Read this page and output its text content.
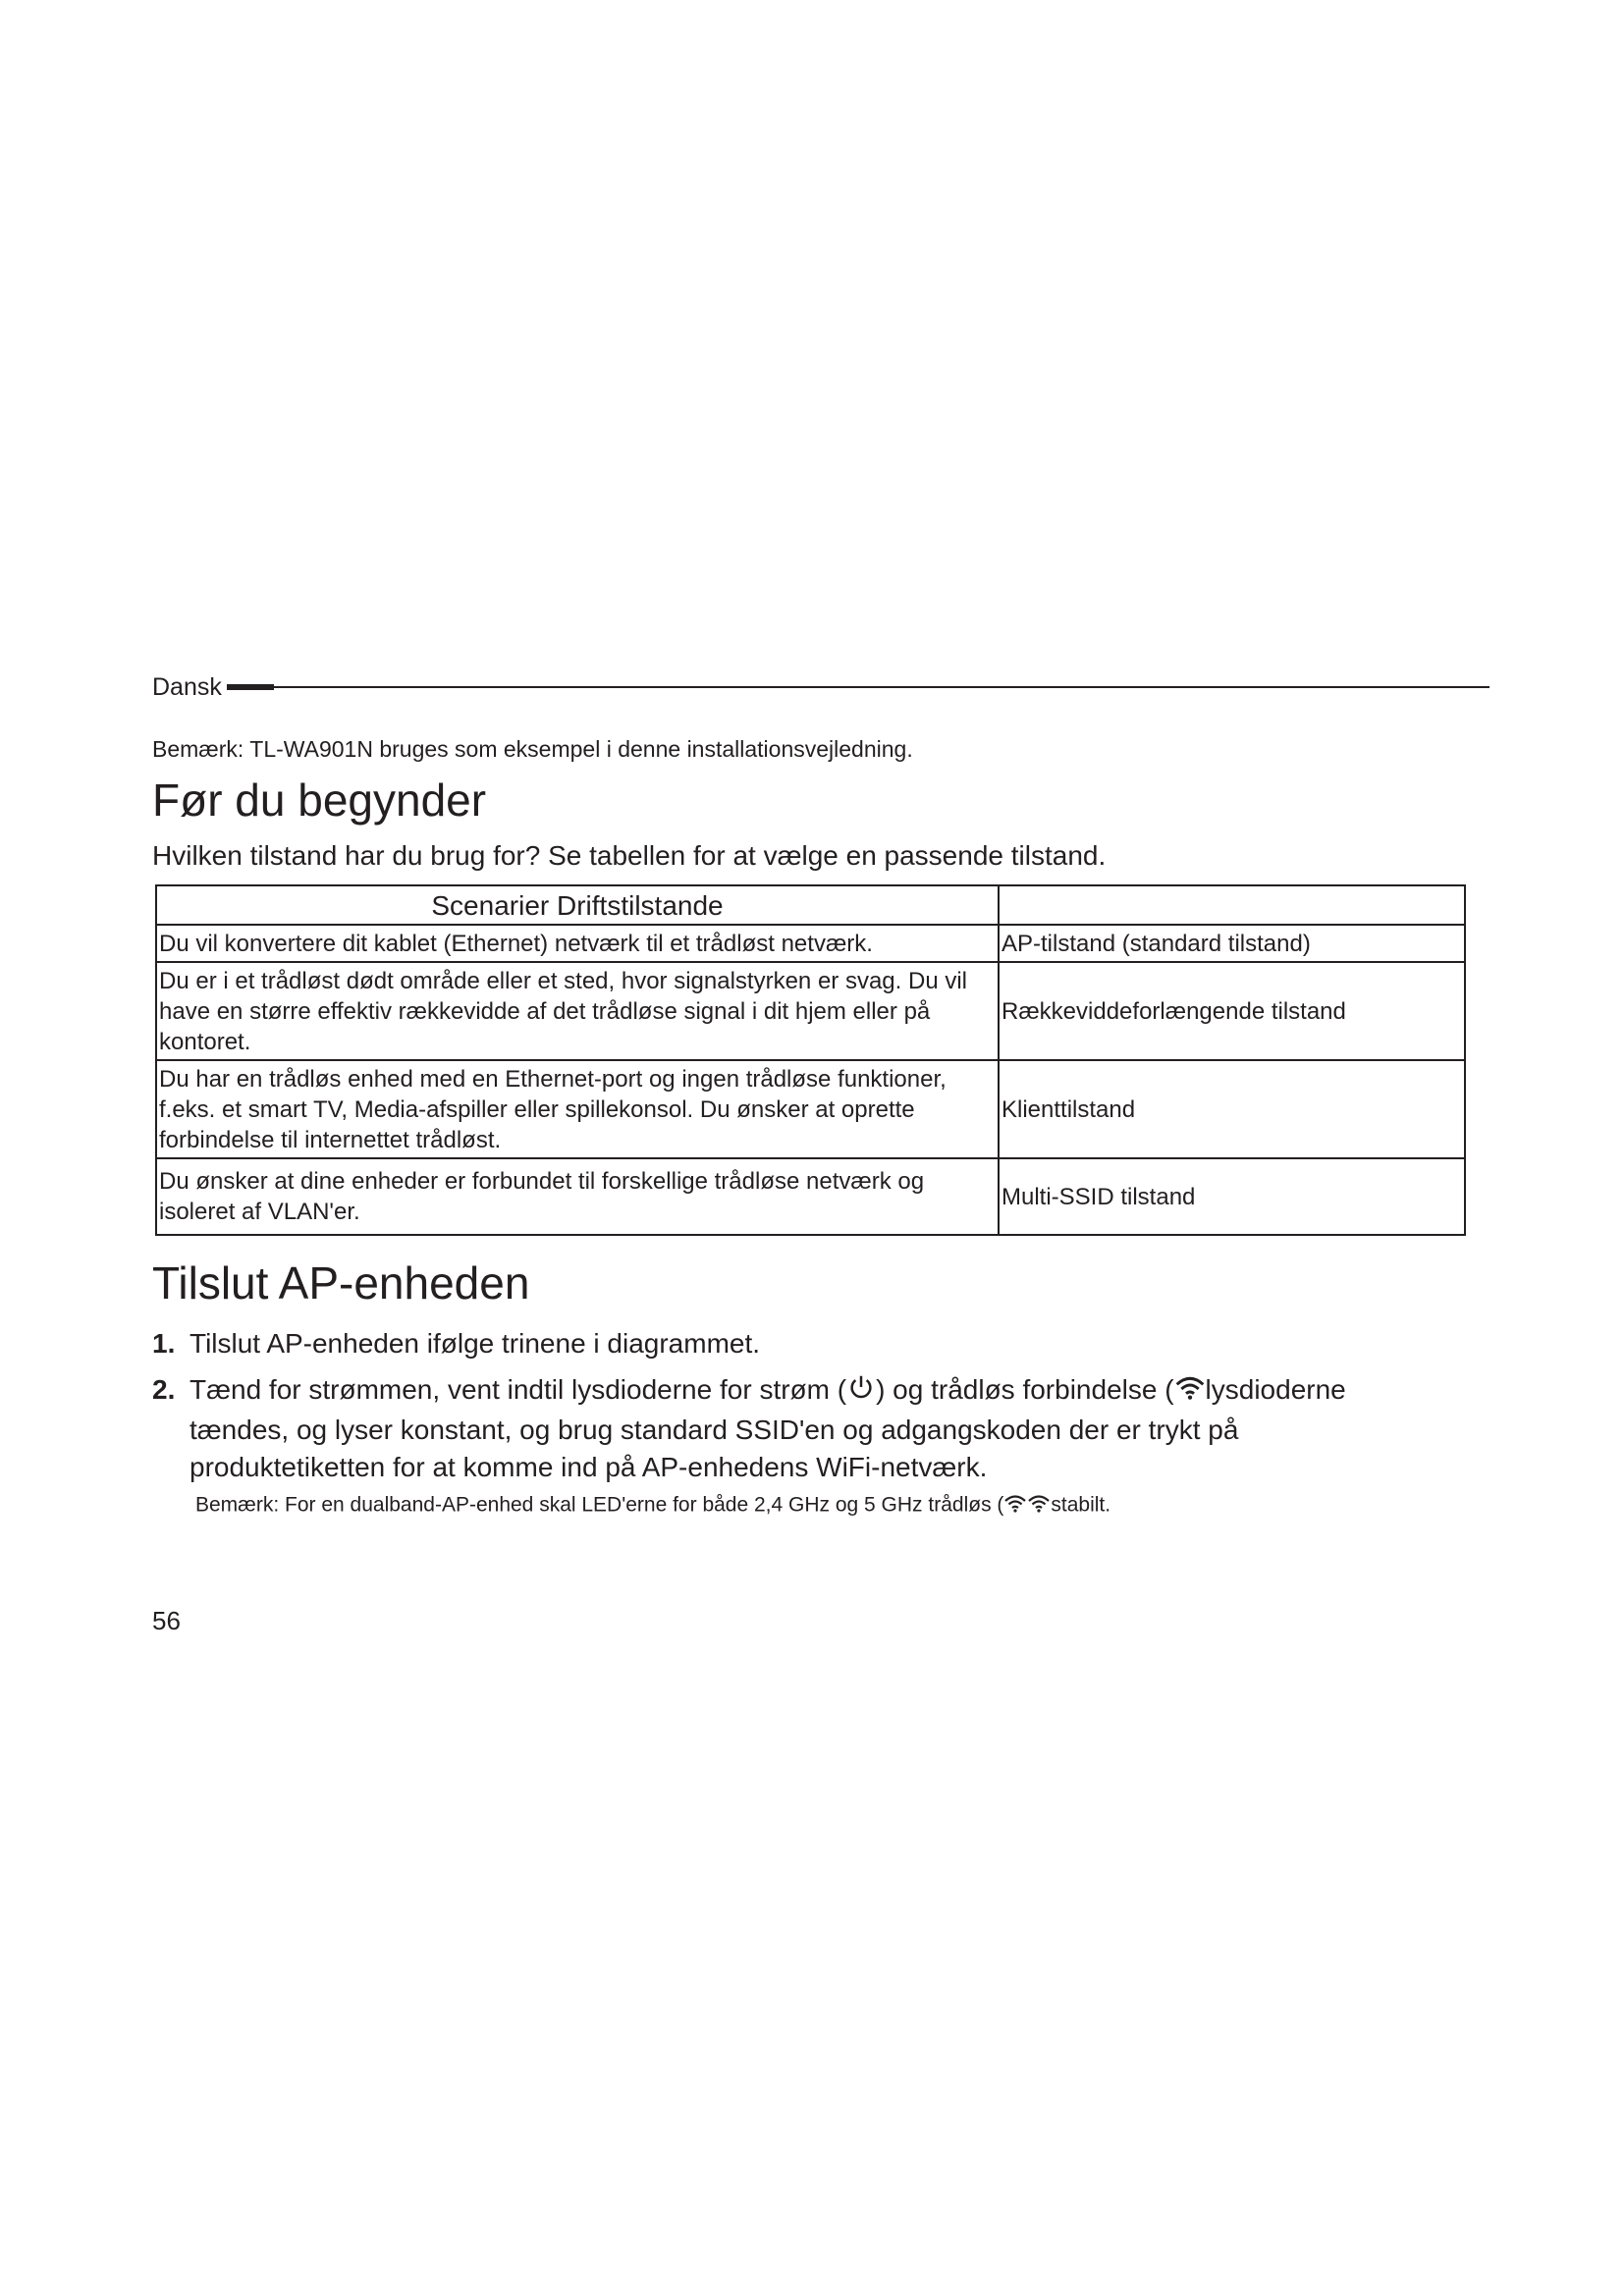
Dansk
Bemærk: TL-WA901N bruges som eksempel i denne installationsvejledning.
Før du begynder
Hvilken tilstand har du brug for? Se tabellen for at vælge en passende tilstand.
Scenarier Driftstilstande	
Du vil konvertere dit kablet (Ethernet) netværk til et trådløst netværk.	AP-tilstand (standard tilstand)
Du er i et trådløst dødt område eller et sted, hvor signalstyrken er svag. Du vil have en større effektiv rækkevidde af det trådløse signal i dit hjem eller på kontoret.	Rækkeviddeforlængende tilstand
Du har en trådløs enhed med en Ethernet-port og ingen trådløse funktioner, f.eks. et smart TV, Media-afspiller eller spillekonsol. Du ønsker at oprette forbindelse til internettet trådløst.	Klienttilstand
Du ønsker at dine enheder er forbundet til forskellige trådløse netværk og isoleret af VLAN'er.	Multi-SSID tilstand
Tilslut AP-enheden
1. Tilslut AP-enheden ifølge trinene i diagrammet.
2. Tænd for strømmen, vent indtil lysdioderne for strøm ( ) og trådløs forbindelse ( lysdioderne tændes, og lyser konstant, og brug standard SSID'en og adgangskoden der er trykt på produktetiketten for at komme ind på AP-enhedens WiFi-netværk.
Bemærk: For en dualband-AP-enhed skal LED'erne for både 2,4 GHz og 5 GHz trådløs ( stabilt.
56
